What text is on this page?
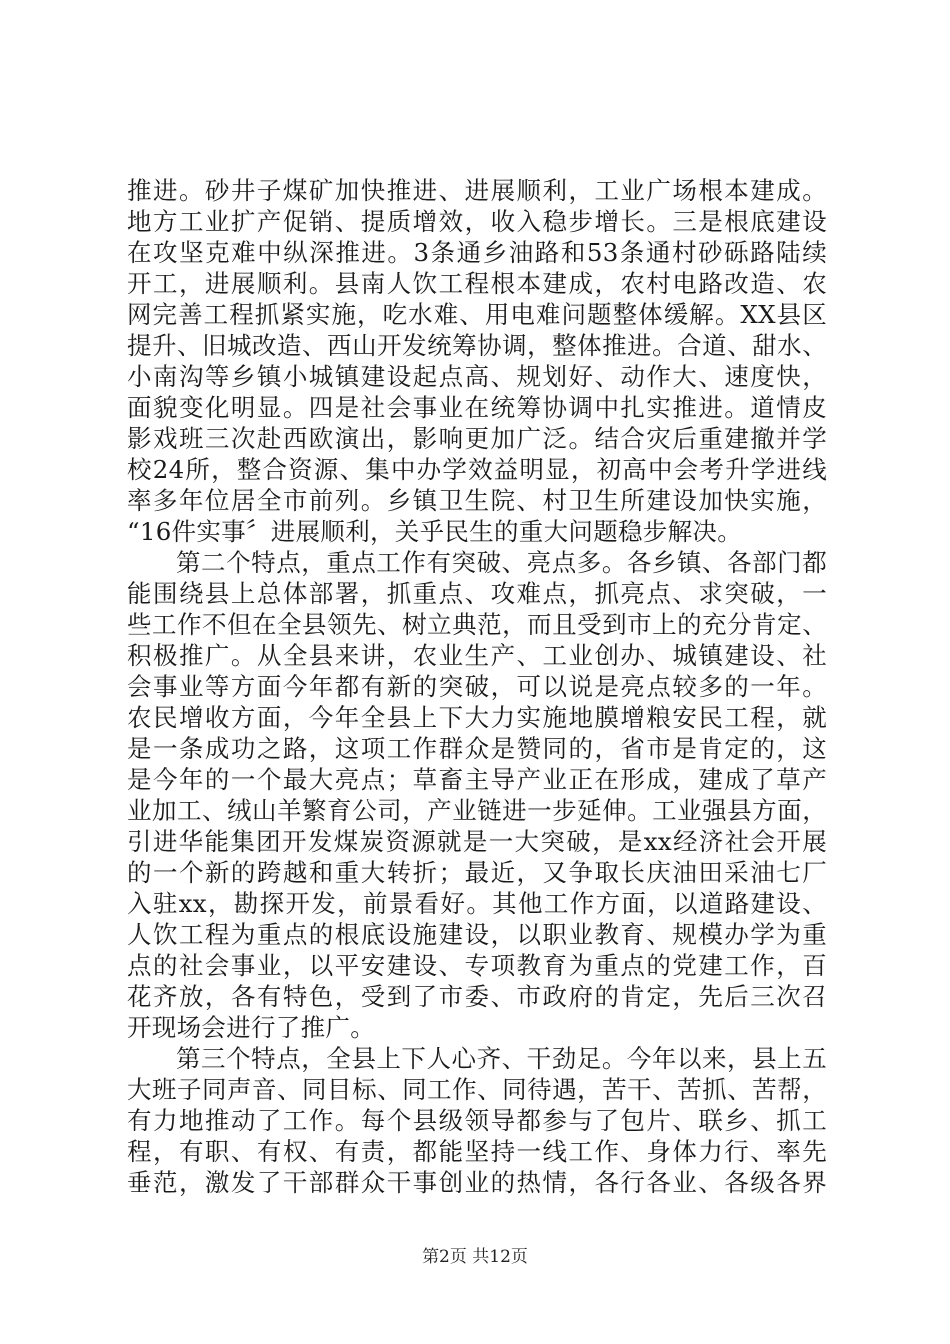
推进。砂井子煤矿加快推进、进展顺利，工业广场根本建成。
地方工业扩产促销、提质增效，收入稳步增长。三是根底建设
在攻坚克难中纵深推进。3条通乡油路和53条通村砂砾路陆续
开工，进展顺利。县南人饮工程根本建成，农村电路改造、农
网完善工程抓紧实施，吃水难、用电难问题整体缓解。XX县区
提升、旧城改造、西山开发统筹协调，整体推进。合道、甜水、
小南沟等乡镇小城镇建设起点高、规划好、动作大、速度快，
面貌变化明显。四是社会事业在统筹协调中扎实推进。道情皮
影戏班三次赴西欧演出，影响更加广泛。结合灾后重建撤并学
校24所，整合资源、集中办学效益明显，初高中会考升学进线
率多年位居全市前列。乡镇卫生院、村卫生所建设加快实施，
“16件实事〞进展顺利，关乎民生的重大问题稳步解决。
第二个特点，重点工作有突破、亮点多。各乡镇、各部门都
能围绕县上总体部署，抓重点、攻难点，抓亮点、求突破，一
些工作不但在全县领先、树立典范，而且受到市上的充分肯定、
积极推广。从全县来讲，农业生产、工业创办、城镇建设、社
会事业等方面今年都有新的突破，可以说是亮点较多的一年。
农民增收方面，今年全县上下大力实施地膜增粮安民工程，就
是一条成功之路，这项工作群众是赞同的，省市是肯定的，这
是今年的一个最大亮点；草畜主导产业正在形成，建成了草产
业加工、绒山羊繁育公司，产业链进一步延伸。工业强县方面，
引进华能集团开发煤炭资源就是一大突破，是xx经济社会开展
的一个新的跨越和重大转折；最近，又争取长庆油田采油七厂
入驻xx，勘探开发，前景看好。其他工作方面，以道路建设、
人饮工程为重点的根底设施建设，以职业教育、规模办学为重
点的社会事业，以平安建设、专项教育为重点的党建工作，百
花齐放，各有特色，受到了市委、市政府的肯定，先后三次召
开现场会进行了推广。
第三个特点，全县上下人心齐、干劲足。今年以来，县上五
大班子同声音、同目标、同工作、同待遇，苦干、苦抓、苦帮，
有力地推动了工作。每个县级领导都参与了包片、联乡、抓工
程，有职、有权、有责，都能坚持一线工作、身体力行、率先
垂范，激发了干部群众干事创业的热情，各行各业、各级各界
第2页 共12页
